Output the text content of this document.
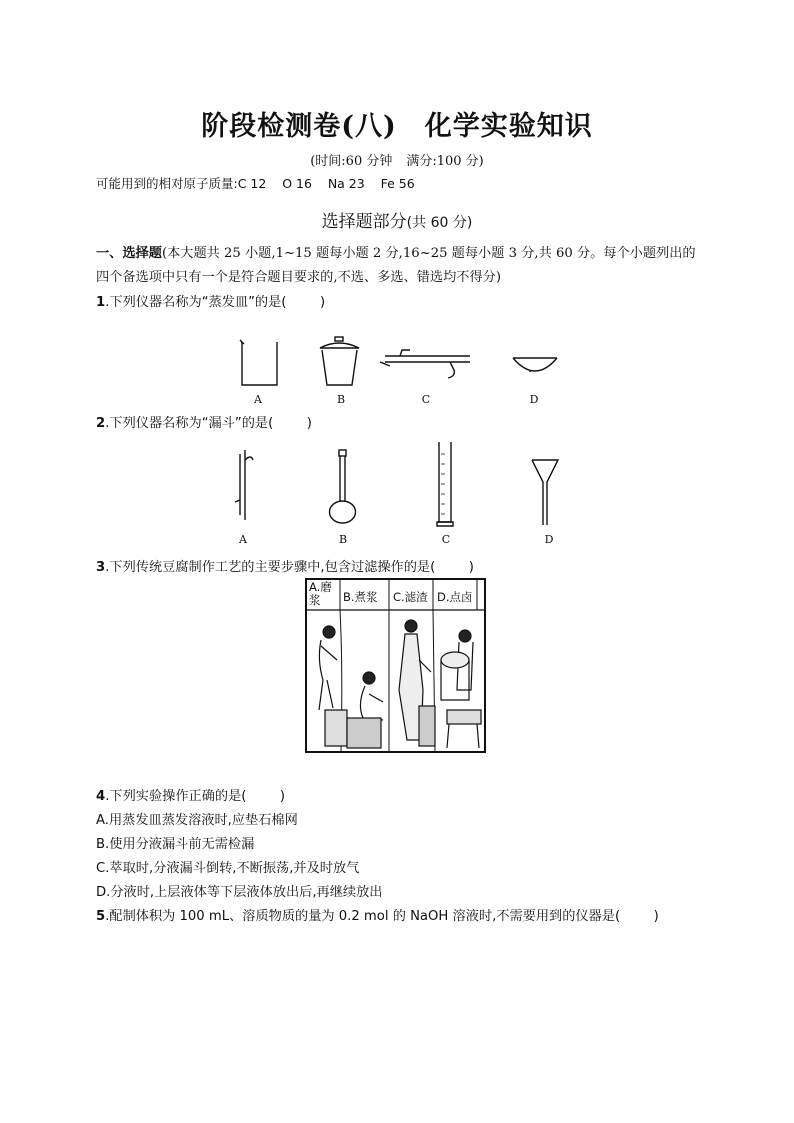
阶段检测卷(八) 化学实验知识
(时间:60 分钟 满分:100 分)
可能用到的相对原子质量:C 12    O 16    Na 23    Fe 56
选择题部分(共 60 分)
一、选择题(本大题共 25 小题,1~15 题每小题 2 分,16~25 题每小题 3 分,共 60 分。每个小题列出的四个备选项中只有一个是符合题目要求的,不选、多选、错选均不得分)
1.下列仪器名称为“蒸发皿”的是(        )
A	B	C	D
2.下列仪器名称为“漏斗”的是(        )
A	B	C	D
3.下列传统豆腐制作工艺的主要步骤中,包含过滤操作的是(        )
A.磨浆	B.煮浆 C.滤渣 D.点卤
4.下列实验操作正确的是(        )
A.用蒸发皿蒸发溶液时,应垫石棉网
B.使用分液漏斗前无需检漏
C.萃取时,分液漏斗倒转,不断振荡,并及时放气
D.分液时,上层液体等下层液体放出后,再继续放出
5.配制体积为 100 mL、溶质物质的量为 0.2 mol 的 NaOH 溶液时,不需要用到的仪器是(        )
